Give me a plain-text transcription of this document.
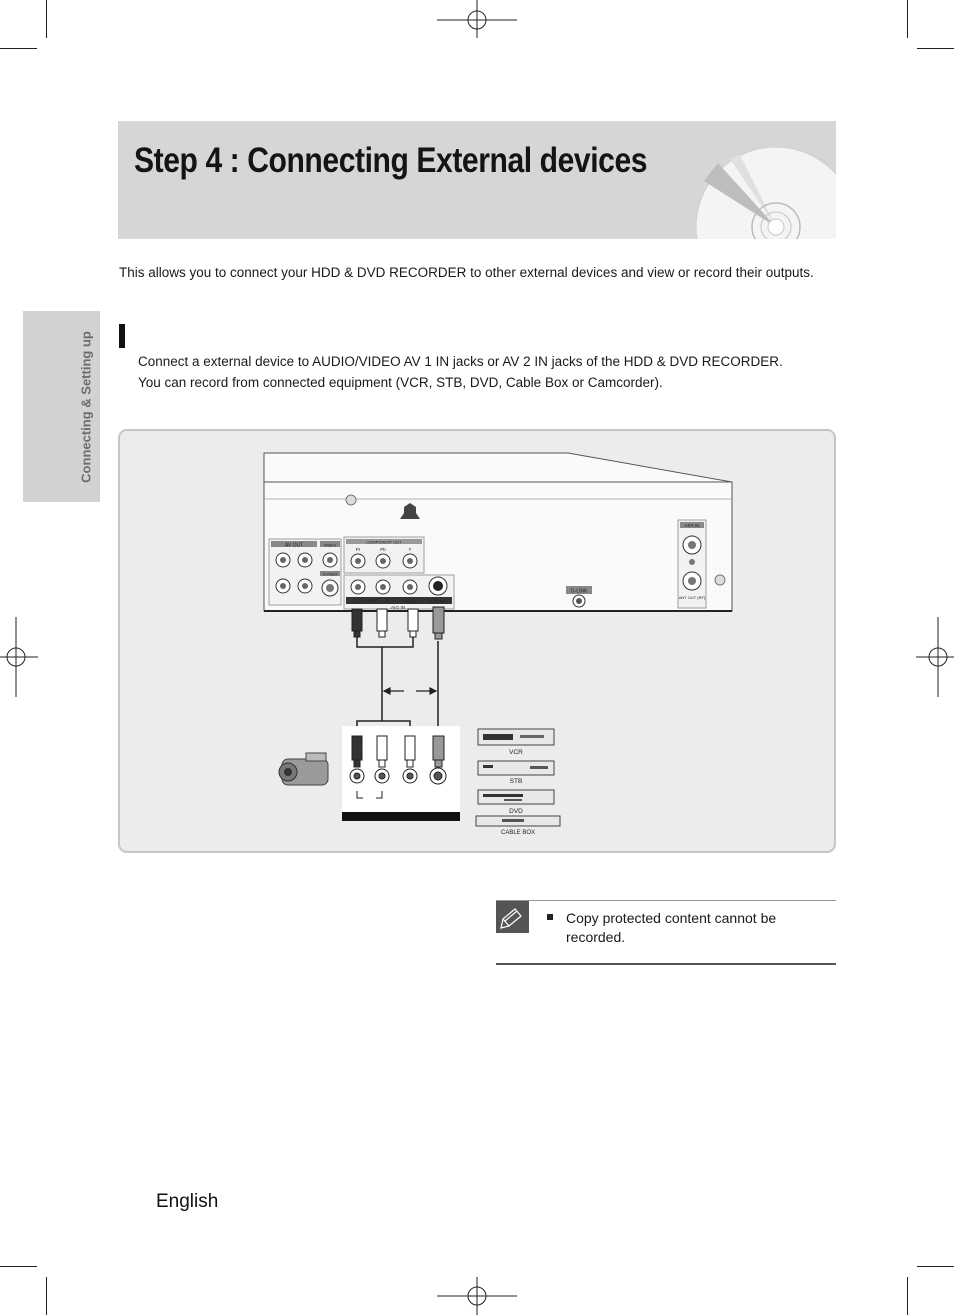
Step 4 : Connecting External devices
This allows you to connect your HDD & DVD RECORDER to other external devices and view or record their outputs.
Connect a external device to AUDIO/VIDEO AV 1 IN jacks or AV 2 IN jacks of the HDD & DVD RECORDER.
You can record from connected equipment (VCR, STB, DVD, Cable Box or Camcorder).
Connecting & Setting up
AV OUT	VIDEO
S-VIDEO
COMPONENT OUT
Pr	Pb	Y
L — AUDIO — R	VIDEO	S-VIDEO
AV1 IN
G-LINK
ANT IN
ANT OUT (RF)
VCR
STB
DVD
CABLE BOX
Copy protected content cannot be recorded.
English
